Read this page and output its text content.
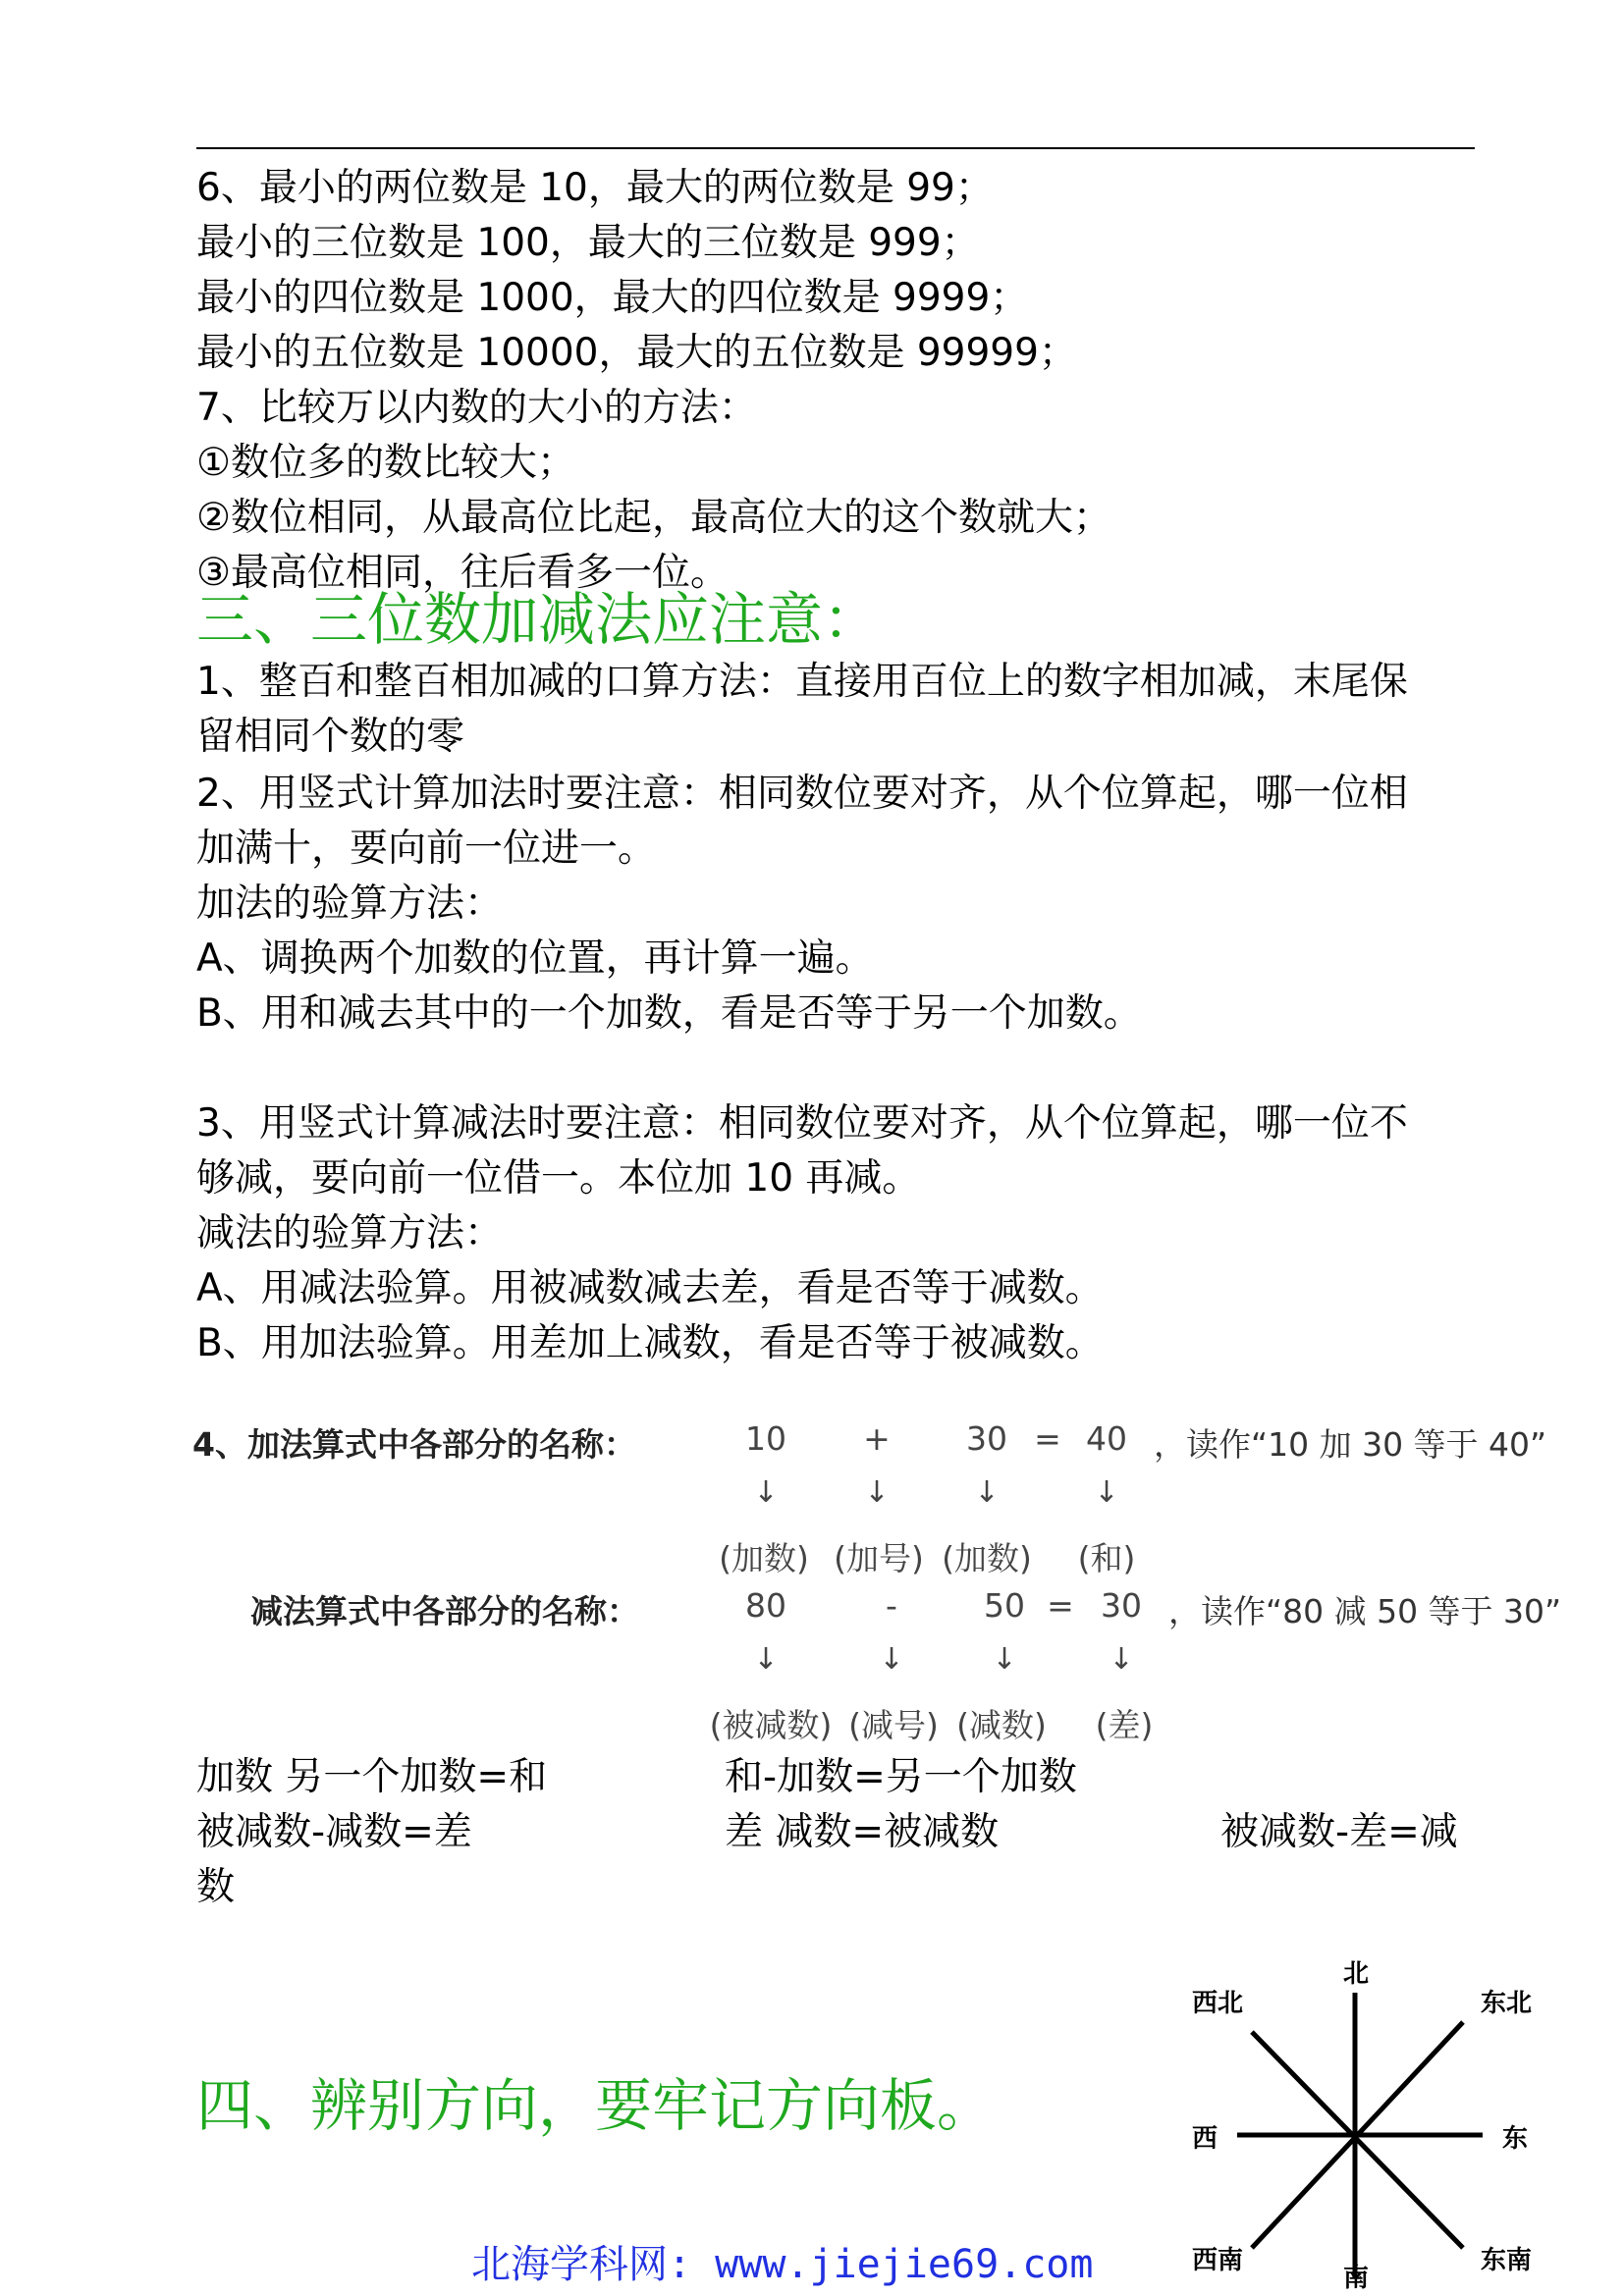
6、最小的两位数是 10，最大的两位数是 99；
最小的三位数是 100，最大的三位数是 999；
最小的四位数是 1000，最大的四位数是 9999；
最小的五位数是 10000，最大的五位数是 99999；
7、比较万以内数的大小的方法：
①数位多的数比较大；
②数位相同，从最高位比起，最高位大的这个数就大；
③最高位相同，往后看多一位。
三、三位数加减法应注意：
1、整百和整百相加减的口算方法：直接用百位上的数字相加减，末尾保
留相同个数的零
2、用竖式计算加法时要注意：相同数位要对齐，从个位算起，哪一位相
加满十，要向前一位进一。
加法的验算方法：
A、调换两个加数的位置，再计算一遍。
B、用和减去其中的一个加数，看是否等于另一个加数。
3、用竖式计算减法时要注意：相同数位要对齐，从个位算起，哪一位不
够减，要向前一位借一。本位加 10 再减。
减法的验算方法：
A、用减法验算。用被减数减去差，看是否等于减数。
B、用加法验算。用差加上减数，看是否等于被减数。
4、加法算式中各部分的名称：	10	+	30 = 40 ，读作“10 加 30 等于 40”
↓	↓	↓	↓
(加数) (加号) (加数)	(和)
减法算式中各部分的名称：	80	-	50 = 30 ，读作“80 减 50 等于 30”
↓	↓	↓	↓
(被减数) (减号) (减数)	(差)
加数 另一个加数=和	和-加数=另一个加数
被减数-减数=差	差 减数=被减数	被减数-差=减
数
四、辨别方向，要牢记方向板。
北
东北
东
东南
南
西南
西
西北
北海学科网: www.jiejie69.com
